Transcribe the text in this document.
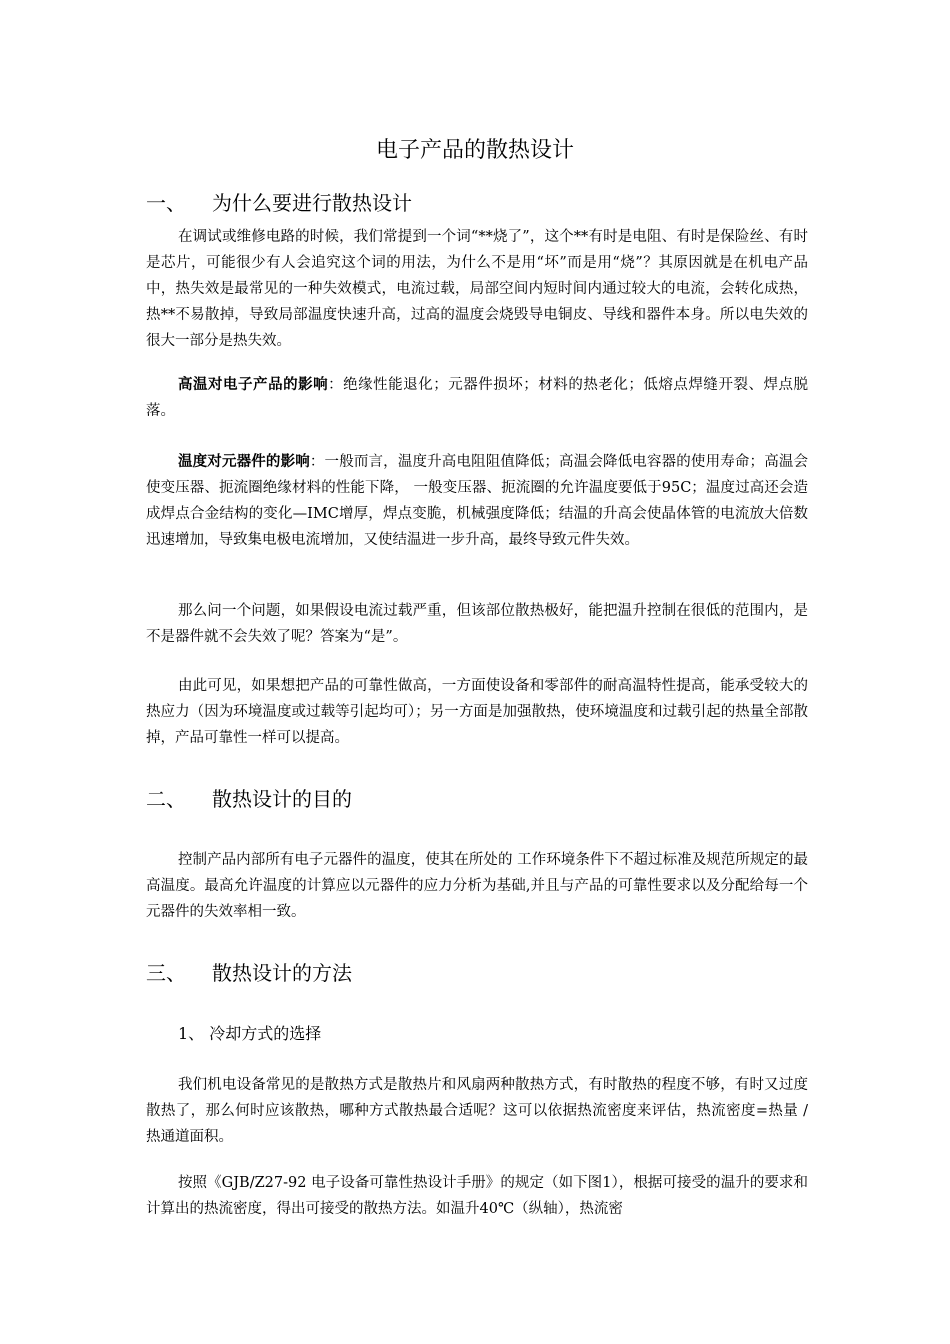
电子产品的散热设计
一、 为什么要进行散热设计

在调试或维修电路的时候，我们常提到一个词“**烧了”，这个**有时是电阻、有时是保险丝、有时是芯片，可能很少有人会追究这个词的用法，为什么不是用“坏”而是用“烧”？其原因就是在机电产品中，热失效是最常见的一种失效模式，电流过载，局部空间内短时间内通过较大的电流，会转化成热，热**不易散掉，导致局部温度快速升高，过高的温度会烧毁导电铜皮、导线和器件本身。所以电失效的很大一部分是热失效。

高温对电子产品的影响：绝缘性能退化；元器件损坏；材料的热老化；低熔点焊缝开裂、焊点脱落。

温度对元器件的影响：一般而言，温度升高电阻阻值降低；高温会降低电容器的使用寿命；高温会使变压器、扼流圈绝缘材料的性能下降， 一般变压器、扼流圈的允许温度要低于95C；温度过高还会造成焊点合金结构的变化—IMC增厚，焊点变脆，机械强度降低；结温的升高会使晶体管的电流放大倍数迅速增加，导致集电极电流增加，又使结温进一步升高，最终导致元件失效。

那么问一个问题，如果假设电流过载严重，但该部位散热极好，能把温升控制在很低的范围内，是不是器件就不会失效了呢？答案为“是”。

由此可见，如果想把产品的可靠性做高，一方面使设备和零部件的耐高温特性提高，能承受较大的热应力（因为环境温度或过载等引起均可）；另一方面是加强散热，使环境温度和过载引起的热量全部散掉，产品可靠性一样可以提高。

二、 散热设计的目的

控制产品内部所有电子元器件的温度，使其在所处的 工作环境条件下不超过标准及规范所规定的最高温度。最高允许温度的计算应以元器件的应力分析为基础,并且与产品的可靠性要求以及分配给每一个元器件的失效率相一致。

三、 散热设计的方法
1、 冷却方式的选择

我们机电设备常见的是散热方式是散热片和风扇两种散热方式，有时散热的程度不够，有时又过度散热了，那么何时应该散热，哪种方式散热最合适呢？这可以依据热流密度来评估，热流密度=热量 / 热通道面积。

按照《GJB/Z27-92 电子设备可靠性热设计手册》的规定（如下图1），根据可接受的温升的要求和计算出的热流密度，得出可接受的散热方法。如温升40℃（纵轴），热流密
